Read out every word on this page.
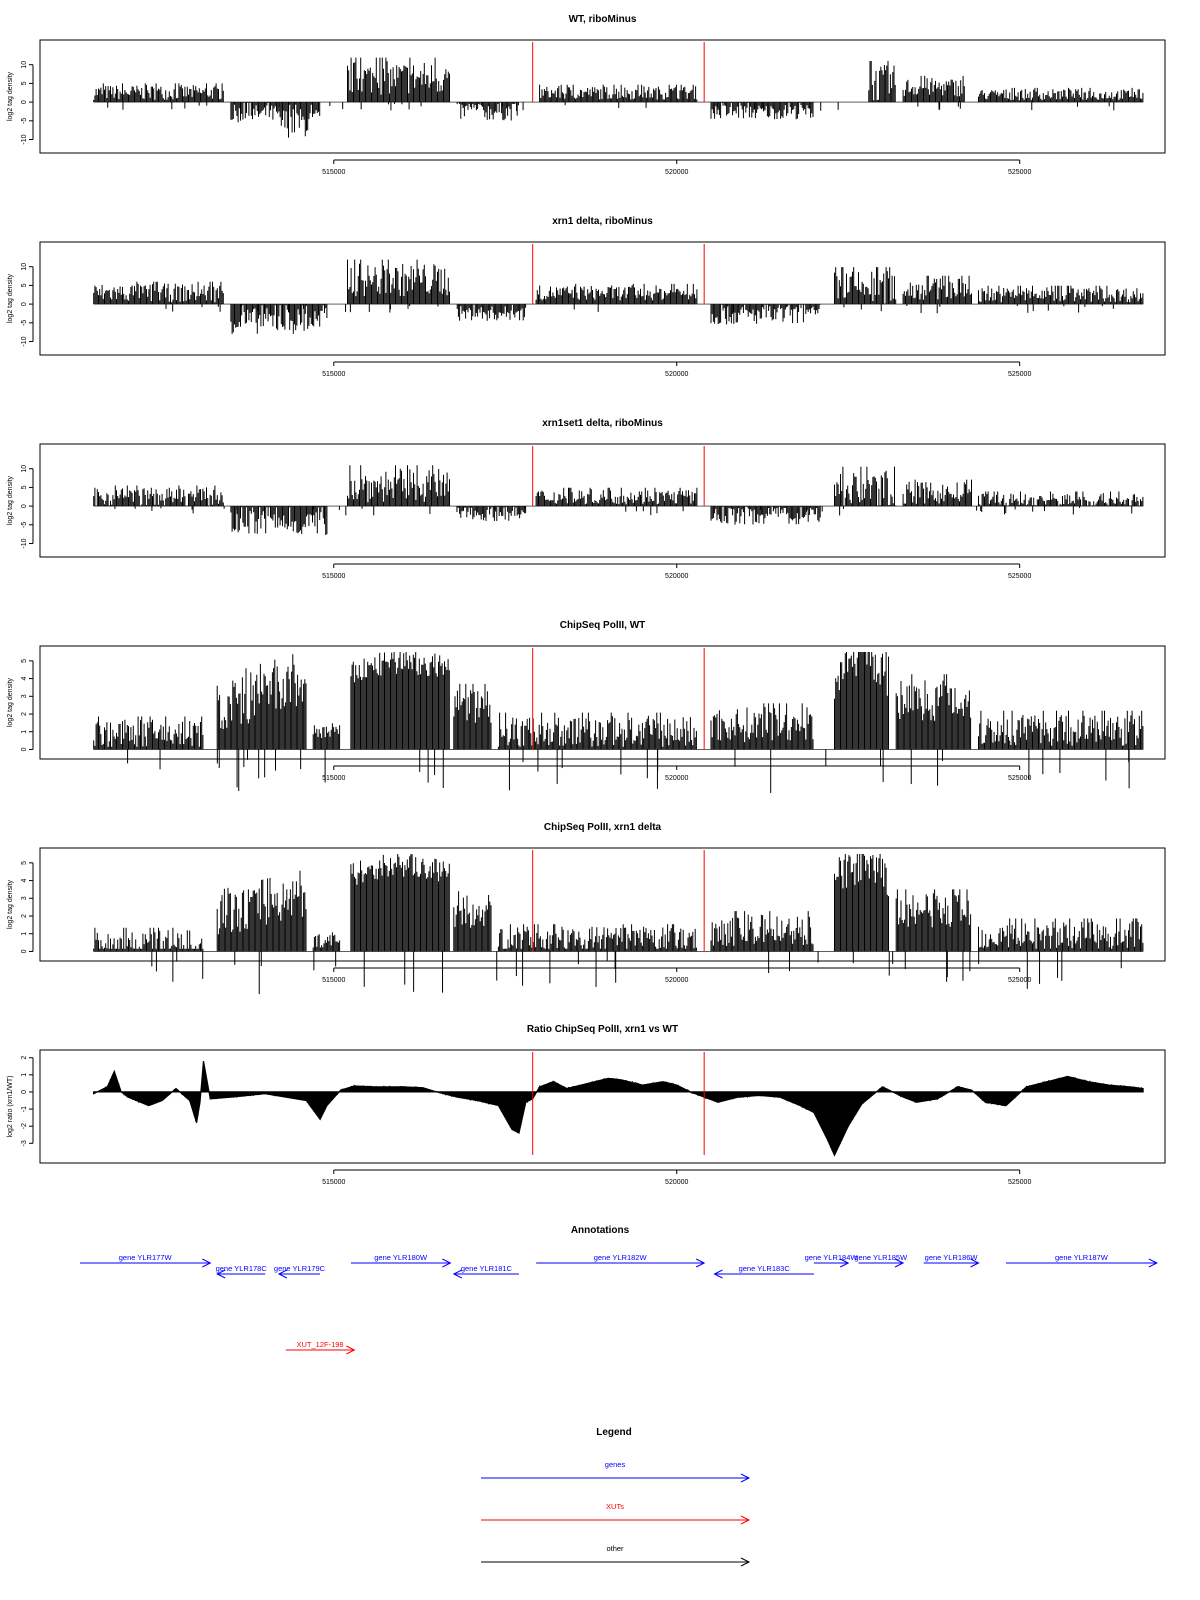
WT, riboMinus
log2 tag density
-10
-5
0
5
10
515000	520000	525000
xrn1 delta, riboMinus
log2 tag density
-10
-5
0
5
10
515000	520000	525000
xrn1set1 delta, riboMinus
log2 tag density
-10
-5
0
5
10
515000	520000	525000
ChipSeq PolII, WT
log2 tag density
0
1
2
3
4
5
515000	520000	525000
ChipSeq PolII, xrn1 delta
log2 tag density
0
1
2
3
4
5
515000	520000	525000
Ratio ChipSeq PolII, xrn1 vs WT
log2 ratio (xrn1/WT)
-3
-2
-1
0
1
2
515000	520000	525000
Annotations
gene YLR177W
gene YLR178C gene YLR179C
gene YLR180W
gene YLR181C
gene YLR182W
gene YLR183C
gene YLR184W
gene YLR185W gene YLR186W	gene YLR187W
XUT_12F-198
Legend
genes
XUTs
other
